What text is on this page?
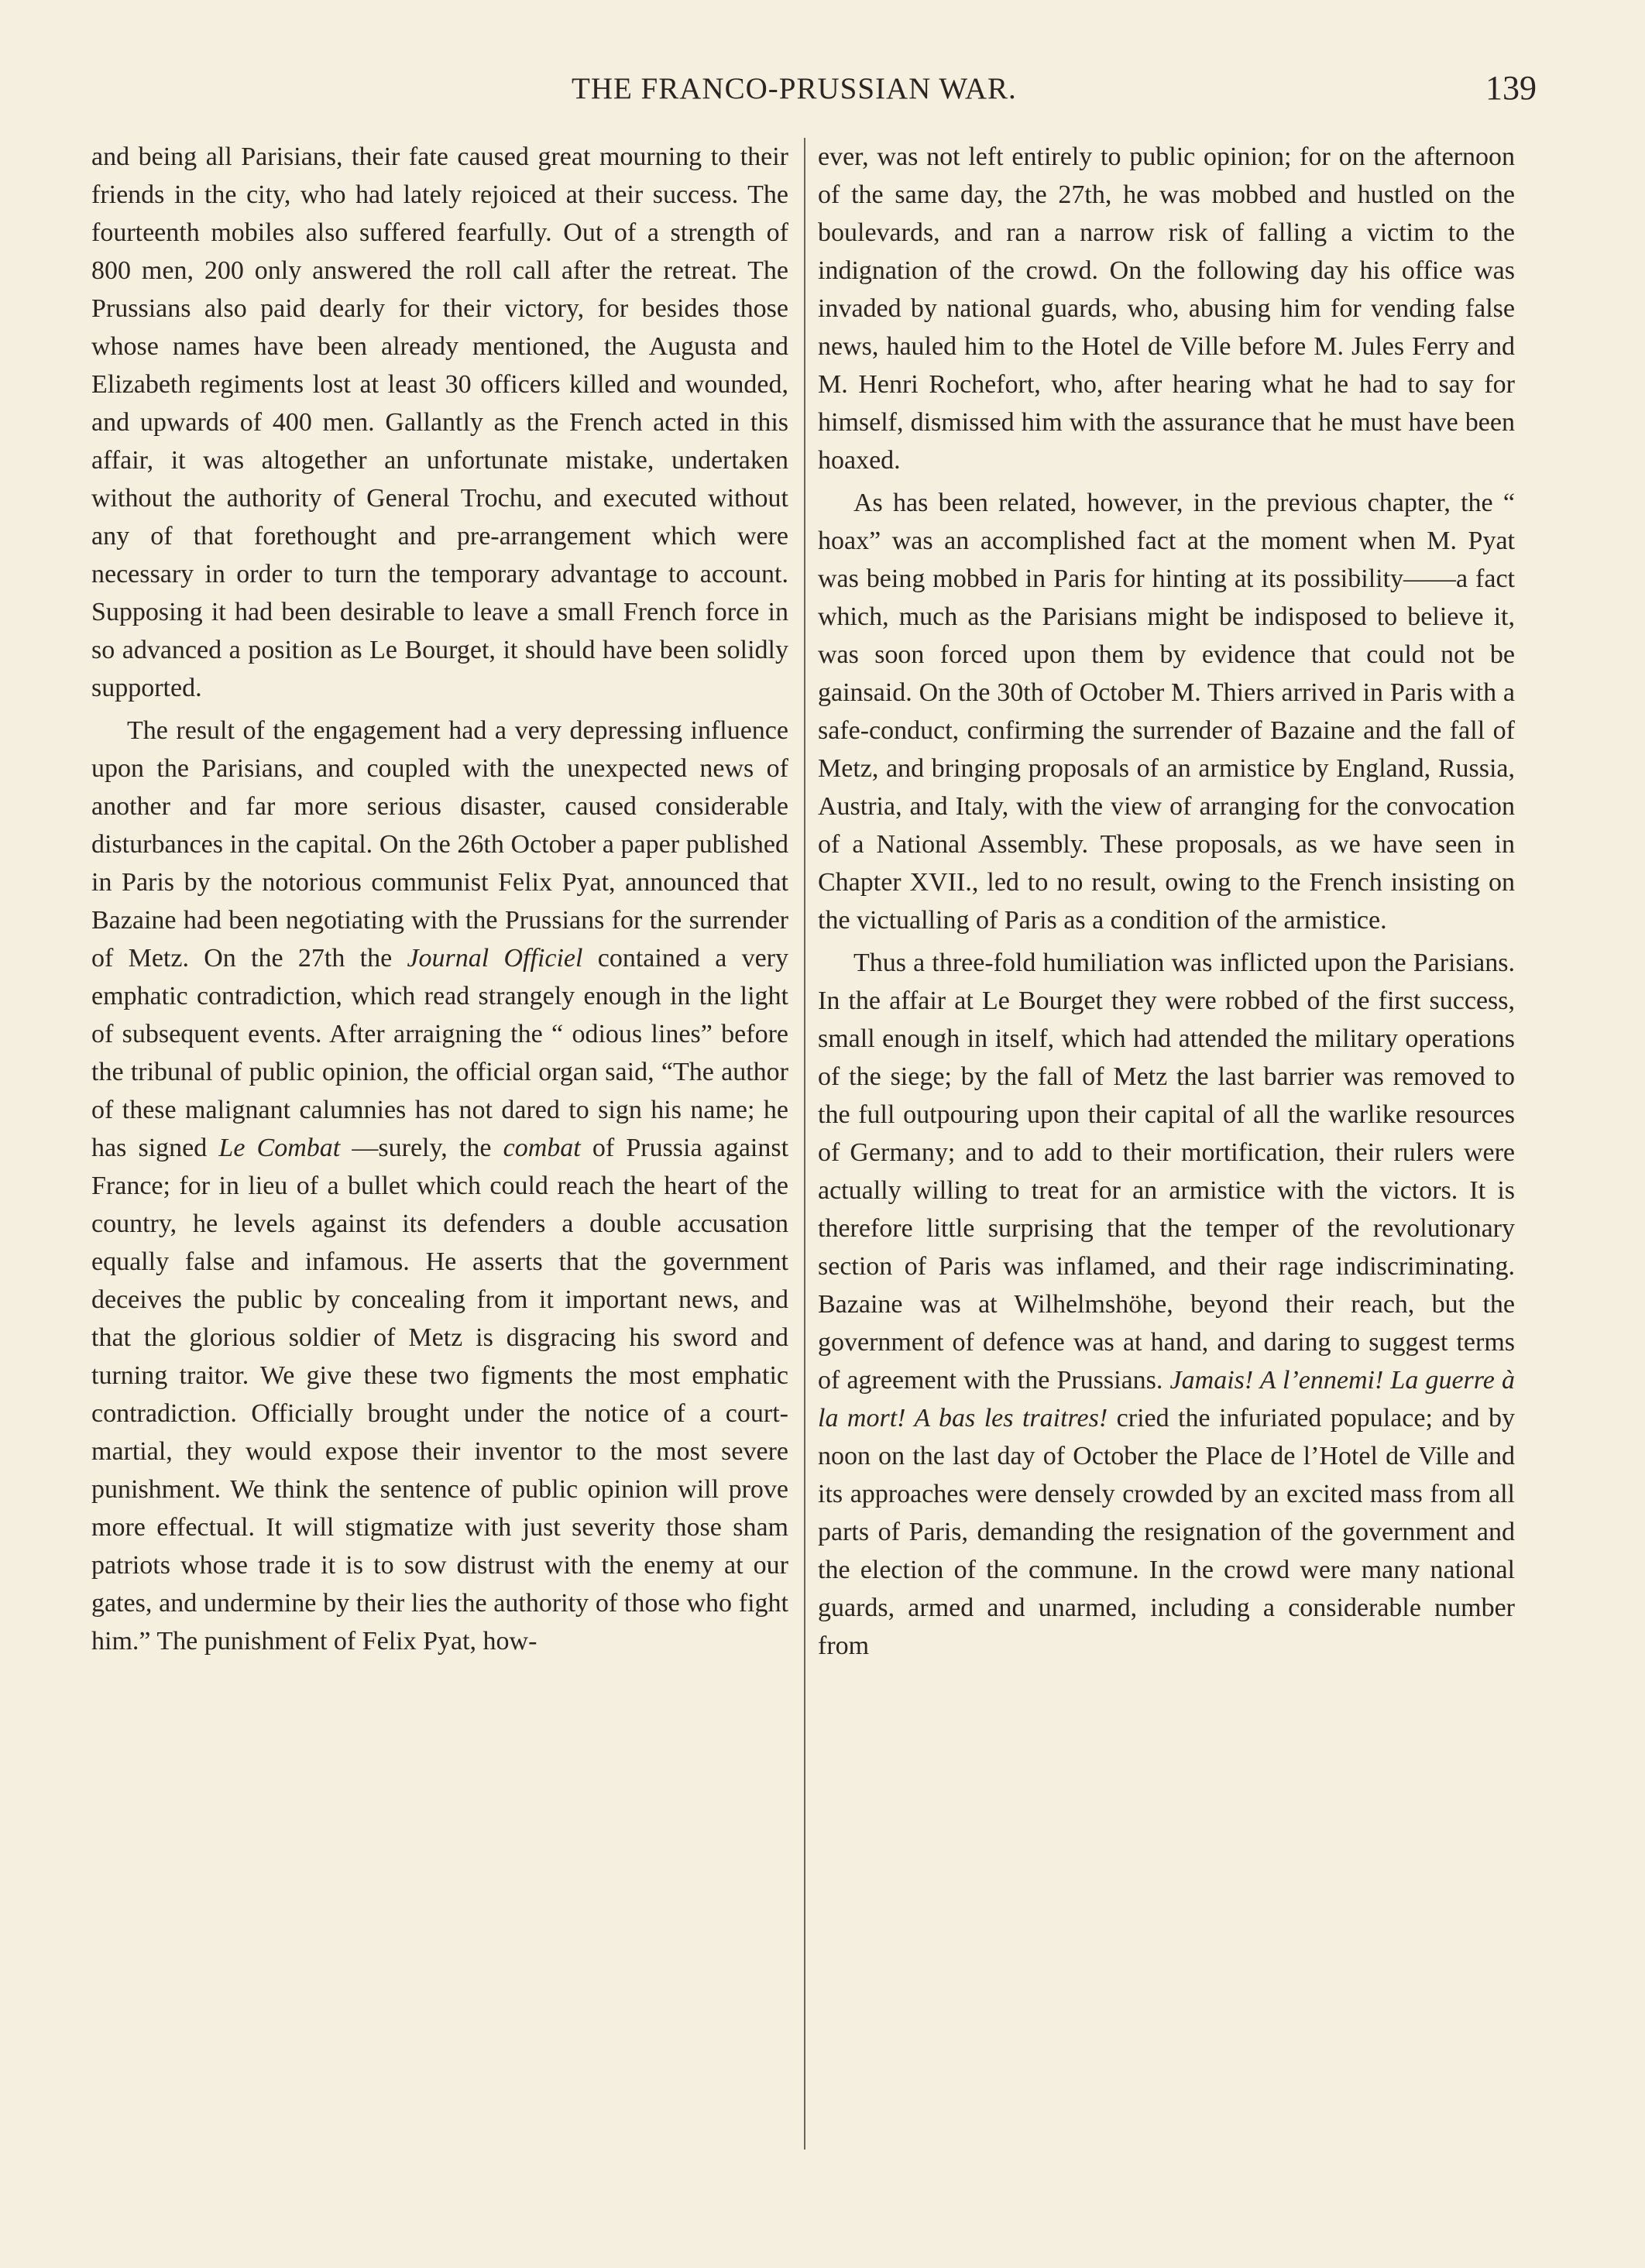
THE FRANCO-PRUSSIAN WAR.	139

and being all Parisians, their fate caused great mourning to their friends in the city, who had lately rejoiced at their success. The fourteenth mobiles also suffered fearfully. Out of a strength of 800 men, 200 only answered the roll call after the retreat. The Prussians also paid dearly for their victory, for besides those whose names have been already mentioned, the Augusta and Elizabeth regiments lost at least 30 officers killed and wounded, and upwards of 400 men. Gallantly as the French acted in this affair, it was altogether an unfortunate mistake, undertaken without the authority of General Trochu, and executed without any of that forethought and pre-arrangement which were necessary in order to turn the temporary advantage to account. Supposing it had been desirable to leave a small French force in so advanced a position as Le Bourget, it should have been solidly supported.

The result of the engagement had a very depressing influence upon the Parisians, and coupled with the unexpected news of another and far more serious disaster, caused considerable disturbances in the capital. On the 26th October a paper published in Paris by the notorious communist Felix Pyat, announced that Bazaine had been negotiating with the Prussians for the surrender of Metz. On the 27th the Journal Officiel contained a very emphatic contradiction, which read strangely enough in the light of subsequent events. After arraigning the “ odious lines” before the tribunal of public opinion, the official organ said, “The author of these malignant calumnies has not dared to sign his name; he has signed Le Combat —surely, the combat of Prussia against France; for in lieu of a bullet which could reach the heart of the country, he levels against its defenders a double accusation equally false and infamous. He asserts that the government deceives the public by concealing from it important news, and that the glorious soldier of Metz is disgracing his sword and turning traitor. We give these two figments the most emphatic contradiction. Officially brought under the notice of a court-martial, they would expose their inventor to the most severe punishment. We think the sentence of public opinion will prove more effectual. It will stigmatize with just severity those sham patriots whose trade it is to sow distrust with the enemy at our gates, and undermine by their lies the authority of those who fight him.” The punishment of Felix Pyat, how-

ever, was not left entirely to public opinion; for on the afternoon of the same day, the 27th, he was mobbed and hustled on the boulevards, and ran a narrow risk of falling a victim to the indignation of the crowd. On the following day his office was invaded by national guards, who, abusing him for vending false news, hauled him to the Hotel de Ville before M. Jules Ferry and M. Henri Rochefort, who, after hearing what he had to say for himself, dismissed him with the assurance that he must have been hoaxed.

As has been related, however, in the previous chapter, the “ hoax” was an accomplished fact at the moment when M. Pyat was being mobbed in Paris for hinting at its possibility——a fact which, much as the Parisians might be indisposed to believe it, was soon forced upon them by evidence that could not be gainsaid. On the 30th of October M. Thiers arrived in Paris with a safe-conduct, confirming the surrender of Bazaine and the fall of Metz, and bringing proposals of an armistice by England, Russia, Austria, and Italy, with the view of arranging for the convocation of a National Assembly. These proposals, as we have seen in Chapter XVII., led to no result, owing to the French insisting on the victualling of Paris as a condition of the armistice.

Thus a three-fold humiliation was inflicted upon the Parisians. In the affair at Le Bourget they were robbed of the first success, small enough in itself, which had attended the military operations of the siege; by the fall of Metz the last barrier was removed to the full outpouring upon their capital of all the warlike resources of Germany; and to add to their mortification, their rulers were actually willing to treat for an armistice with the victors. It is therefore little surprising that the temper of the revolutionary section of Paris was inflamed, and their rage indiscriminating. Bazaine was at Wilhelmshöhe, beyond their reach, but the government of defence was at hand, and daring to suggest terms of agreement with the Prussians. Jamais! A l’ennemi! La guerre à la mort! A bas les traitres! cried the infuriated populace; and by noon on the last day of October the Place de l’Hotel de Ville and its approaches were densely crowded by an excited mass from all parts of Paris, demanding the resignation of the government and the election of the commune. In the crowd were many national guards, armed and unarmed, including a considerable number from
